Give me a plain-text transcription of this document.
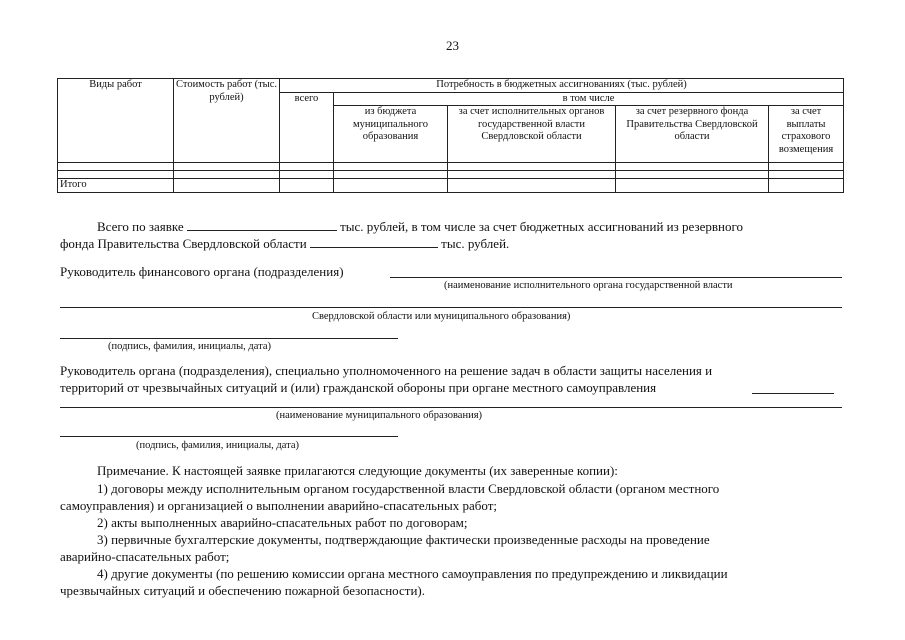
23
Виды работ	Стоимость работ (тыс. рублей)	Потребность в бюджетных ассигнованиях (тыс. рублей)				
		всего	в том числе			
			из бюджета муниципального образования	за счет исполнительных органов государственной власти Свердловской области	за счет резервного фонда Правительства Свердловской области	за счет выплаты страхового возмещения

Итого						
Всего по заявке	тыс. рублей, в том числе за счет бюджетных ассигнований из резервного
фонда Правительства Свердловской области	тыс. рублей.
Руководитель финансового органа (подразделения)
(наименование исполнительного органа государственной власти
Свердловской области или муниципального образования)
(подпись, фамилия, инициалы, дата)
Руководитель органа (подразделения), специально уполномоченного на решение задач в области защиты населения и
территорий от чрезвычайных ситуаций и (или) гражданской обороны при органе местного самоуправления
(наименование муниципального образования)
(подпись, фамилия, инициалы, дата)
Примечание. К настоящей заявке прилагаются следующие документы (их заверенные копии):
1) договоры между исполнительным органом государственной власти Свердловской области (органом местного
самоуправления) и организацией о выполнении аварийно-спасательных работ;
2) акты выполненных аварийно-спасательных работ по договорам;
3) первичные бухгалтерские документы, подтверждающие фактически произведенные расходы на проведение
аварийно-спасательных работ;
4) другие документы (по решению комиссии органа местного самоуправления по предупреждению и ликвидации
чрезвычайных ситуаций и обеспечению пожарной безопасности).
